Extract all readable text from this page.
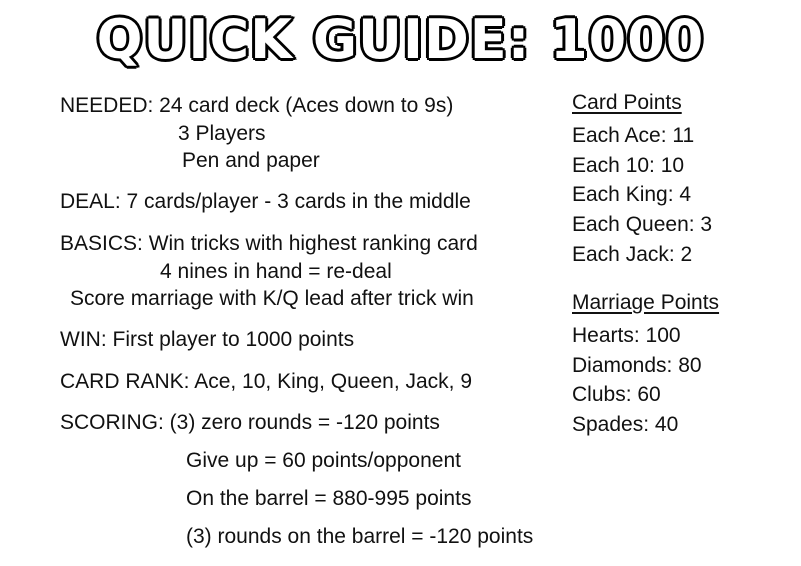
QUICK GUIDE: 1000
NEEDED: 24 card deck (Aces down to 9s)
3 Players
Pen and paper
DEAL: 7 cards/player - 3 cards in the middle
BASICS: Win tricks with highest ranking card
4 nines in hand = re-deal
Score marriage with K/Q lead after trick win
WIN: First player to 1000 points
CARD RANK: Ace, 10, King, Queen, Jack, 9
SCORING: (3) zero rounds = -120 points
Give up = 60 points/opponent
On the barrel = 880-995 points
(3) rounds on the barrel = -120 points
Card Points
Each Ace: 11
Each 10: 10
Each King: 4
Each Queen: 3
Each Jack: 2
Marriage Points
Hearts: 100
Diamonds: 80
Clubs: 60
Spades: 40
